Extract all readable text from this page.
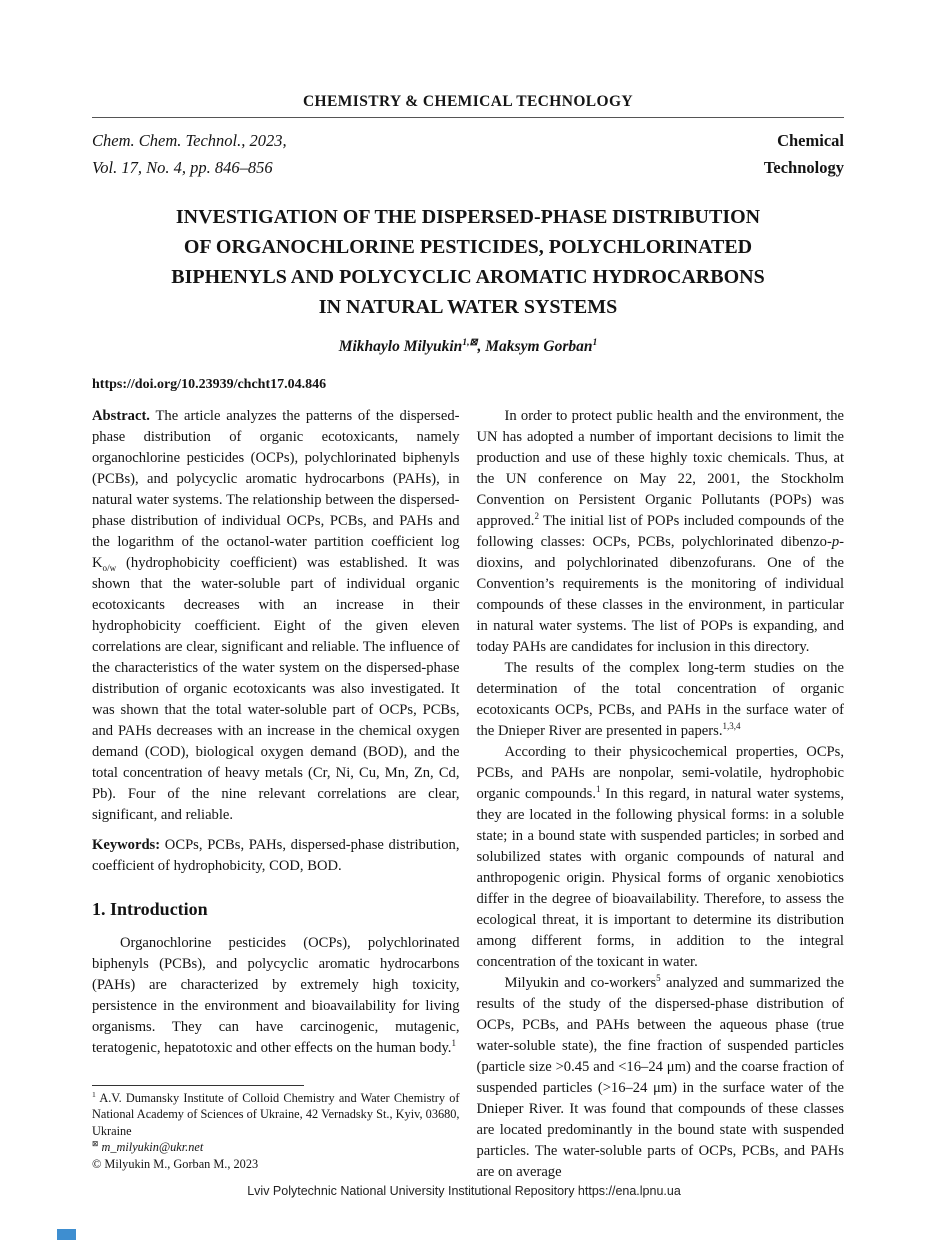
CHEMISTRY & CHEMICAL TECHNOLOGY
Chem. Chem. Technol., 2023,
Vol. 17, No. 4, pp. 846–856
Chemical
Technology
INVESTIGATION OF THE DISPERSED-PHASE DISTRIBUTION
OF ORGANOCHLORINE PESTICIDES, POLYCHLORINATED
BIPHENYLS AND POLYCYCLIC AROMATIC HYDROCARBONS
IN NATURAL WATER SYSTEMS
Mikhaylo Milyukin$^{1,⊠}$, Maksym Gorban$^1$
https://doi.org/10.23939/chcht17.04.846

Abstract. The article analyzes the patterns of the dispersed-phase distribution of organic ecotoxicants, namely organochlorine pesticides (OCPs), polychlorinated biphenyls (PCBs), and polycyclic aromatic hydrocarbons (PAHs), in natural water systems. The relationship between the dispersed-phase distribution of individual OCPs, PCBs, and PAHs and the logarithm of the octanol-water partition coefficient $\log K_{o/w}$ (hydrophobicity coefficient) was established. It was shown that the water-soluble part of individual organic ecotoxicants decreases with an increase in their hydrophobicity coefficient. Eight of the given eleven correlations are clear, significant and reliable. The influence of the characteristics of the water system on the dispersed-phase distribution of organic ecotoxicants was also investigated. It was shown that the total water-soluble part of OCPs, PCBs, and PAHs decreases with an increase in the chemical oxygen demand (COD), biological oxygen demand (BOD), and the total concentration of heavy metals (Cr, Ni, Cu, Mn, Zn, Cd, Pb). Four of the nine relevant correlations are clear, significant, and reliable.

Keywords: OCPs, PCBs, PAHs, dispersed-phase distribution, coefficient of hydrophobicity, COD, BOD.

1. Introduction

Organochlorine pesticides (OCPs), polychlorinated biphenyls (PCBs), and polycyclic aromatic hydrocarbons (PAHs) are characterized by extremely high toxicity, persistence in the environment and bioavailability for living organisms. They can have carcinogenic, mutagenic, teratogenic, hepatotoxic and other effects on the human body.$^1$

$^1$ A.V. Dumansky Institute of Colloid Chemistry and Water Chemistry of National Academy of Sciences of Ukraine, 42 Vernadsky St., Kyiv, 03680, Ukraine

⊠ m_milyukin@ukr.net

© Milyukin M., Gorban M., 2023

In order to protect public health and the environment, the UN has adopted a number of important decisions to limit the production and use of these highly toxic chemicals. Thus, at the UN conference on May 22, 2001, the Stockholm Convention on Persistent Organic Pollutants (POPs) was approved.$^2$ The initial list of POPs included compounds of the following classes: OCPs, PCBs, polychlorinated dibenzo-p-dioxins, and polychlorinated dibenzofurans. One of the Convention’s requirements is the monitoring of individual compounds of these classes in the environment, in particular in natural water systems. The list of POPs is expanding, and today PAHs are candidates for inclusion in this directory.

The results of the complex long-term studies on the determination of the total concentration of organic ecotoxicants OCPs, PCBs, and PAHs in the surface water of the Dnieper River are presented in papers.$^{1,3,4}$

According to their physicochemical properties, OCPs, PCBs, and PAHs are nonpolar, semi-volatile, hydrophobic organic compounds.$^1$ In this regard, in natural water systems, they are located in the following physical forms: in a soluble state; in a bound state with suspended particles; in sorbed and solubilized states with organic compounds of natural and anthropogenic origin. Physical forms of organic xenobiotics differ in the degree of bioavailability. Therefore, to assess the ecological threat, it is important to determine its distribution among different forms, in addition to the integral concentration of the toxicant in water.

Milyukin and co-workers$^5$ analyzed and summarized the results of the study of the dispersed-phase distribution of OCPs, PCBs, and PAHs between the aqueous phase (true water-soluble state), the fine fraction of suspended particles (particle size >0.45 and <16–24 μm) and the coarse fraction of suspended particles (>16–24 μm) in the surface water of the Dnieper River. It was found that compounds of these classes are located predominantly in the bound state with suspended particles. The water-soluble parts of OCPs, PCBs, and PAHs are on average

Lviv Polytechnic National University Institutional Repository https://ena.lpnu.ua
